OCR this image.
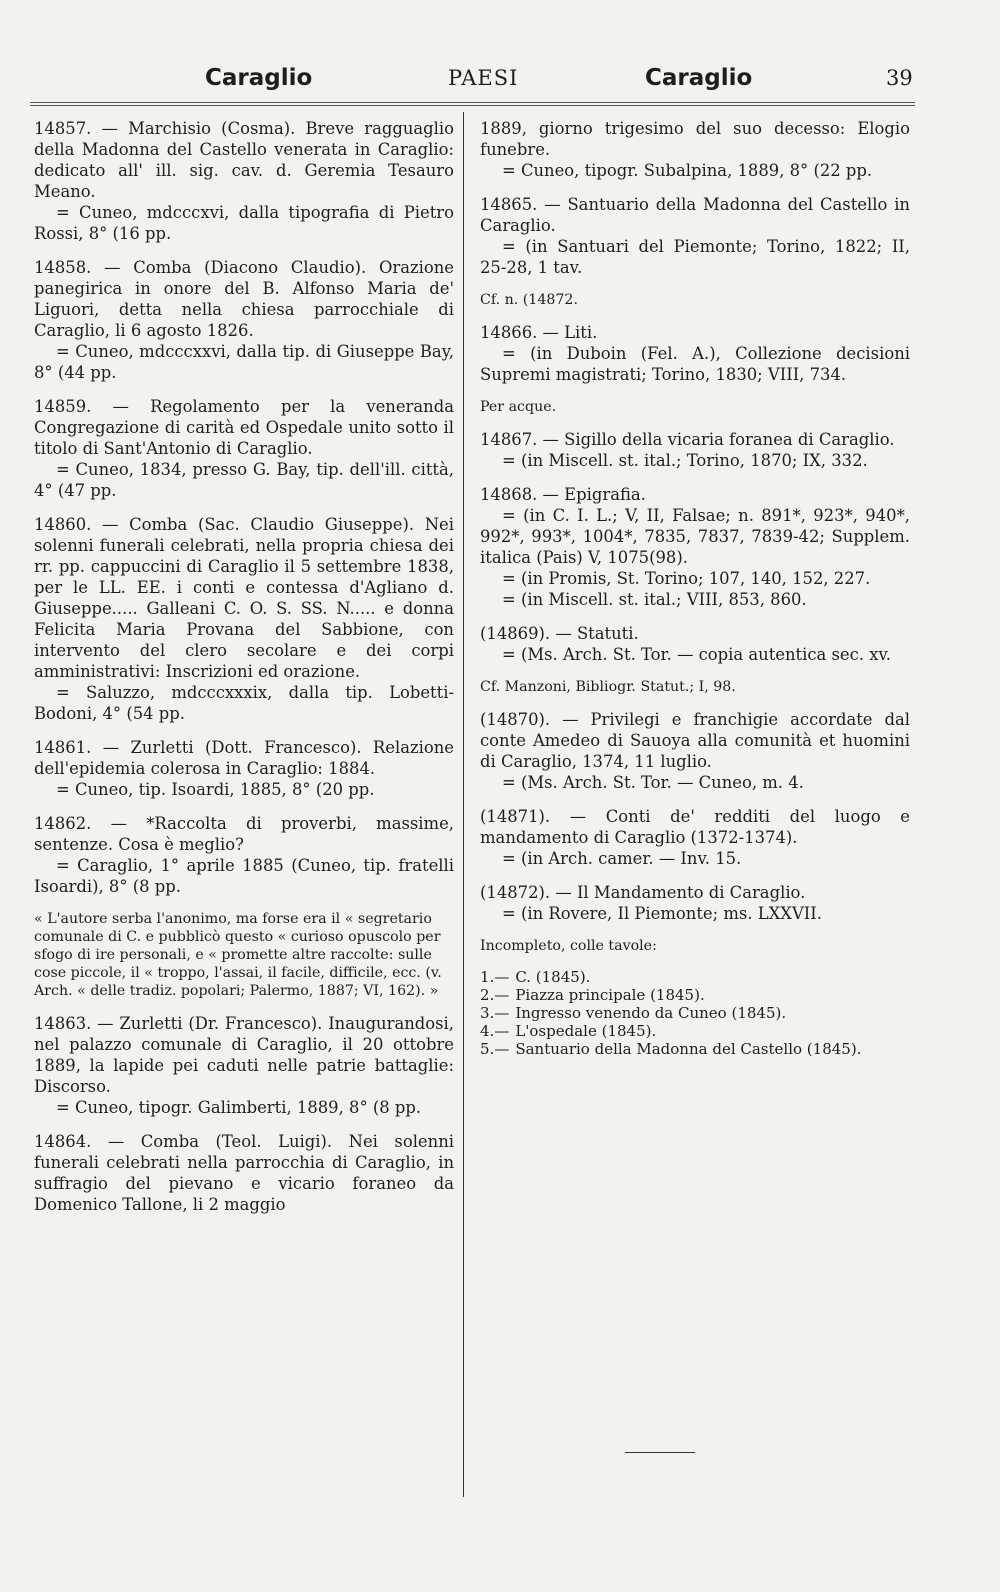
Caraglio	PAESI	Caraglio	39

14857. — Marchisio (Cosma). Breve ragguaglio della Madonna del Castello venerata in Caraglio: dedicato all' ill. sig. cav. d. Geremia Tesauro Meano.

= Cuneo, mdcccxvi, dalla tipografia di Pietro Rossi, 8° (16 pp.

14858. — Comba (Diacono Claudio). Orazione panegirica in onore del B. Alfonso Maria de' Liguori, detta nella chiesa parrocchiale di Caraglio, li 6 agosto 1826.

= Cuneo, mdcccxxvi, dalla tip. di Giuseppe Bay, 8° (44 pp.

14859. — Regolamento per la veneranda Congregazione di carità ed Ospedale unito sotto il titolo di Sant'Antonio di Caraglio.

= Cuneo, 1834, presso G. Bay, tip. dell'ill. città, 4° (47 pp.

14860. — Comba (Sac. Claudio Giuseppe). Nei solenni funerali celebrati, nella propria chiesa dei rr. pp. cappuccini di Caraglio il 5 settembre 1838, per le LL. EE. i conti e contessa d'Agliano d. Giuseppe..... Galleani C. O. S. SS. N..... e donna Felicita Maria Provana del Sabbione, con intervento del clero secolare e dei corpi amministrativi: Inscrizioni ed orazione.

= Saluzzo, mdcccxxxix, dalla tip. Lobetti-Bodoni, 4° (54 pp.

14861. — Zurletti (Dott. Francesco). Relazione dell'epidemia colerosa in Caraglio: 1884.

= Cuneo, tip. Isoardi, 1885, 8° (20 pp.

14862. — *Raccolta di proverbi, massime, sentenze. Cosa è meglio?

= Caraglio, 1° aprile 1885 (Cuneo, tip. fratelli Isoardi), 8° (8 pp.

« L'autore serba l'anonimo, ma forse era il « segretario comunale di C. e pubblicò questo « curioso opuscolo per sfogo di ire personali, e « promette altre raccolte: sulle cose piccole, il « troppo, l'assai, il facile, difficile, ecc. (v. Arch. « delle tradiz. popolari; Palermo, 1887; VI, 162). »

14863. — Zurletti (Dr. Francesco). Inaugurandosi, nel palazzo comunale di Caraglio, il 20 ottobre 1889, la lapide pei caduti nelle patrie battaglie: Discorso.

= Cuneo, tipogr. Galimberti, 1889, 8° (8 pp.

14864. — Comba (Teol. Luigi). Nei solenni funerali celebrati nella parrocchia di Caraglio, in suffragio del pievano e vicario foraneo da Domenico Tallone, li 2 maggio

1889, giorno trigesimo del suo decesso: Elogio funebre.

= Cuneo, tipogr. Subalpina, 1889, 8° (22 pp.

14865. — Santuario della Madonna del Castello in Caraglio.

= (in Santuari del Piemonte; Torino, 1822; II, 25-28, 1 tav.

Cf. n. (14872.

14866. — Liti.

= (in Duboin (Fel. A.), Collezione decisioni Supremi magistrati; Torino, 1830; VIII, 734.

Per acque.

14867. — Sigillo della vicaria foranea di Caraglio.

= (in Miscell. st. ital.; Torino, 1870; IX, 332.

14868. — Epigrafia.

= (in C. I. L.; V, II, Falsae; n. 891*, 923*, 940*, 992*, 993*, 1004*, 7835, 7837, 7839-42; Supplem. italica (Pais) V, 1075(98).

= (in Promis, St. Torino; 107, 140, 152, 227.

= (in Miscell. st. ital.; VIII, 853, 860.

(14869). — Statuti.

= (Ms. Arch. St. Tor. — copia autentica sec. xv.

Cf. Manzoni, Bibliogr. Statut.; I, 98.

(14870). — Privilegi e franchigie accordate dal conte Amedeo di Sauoya alla comunità et huomini di Caraglio, 1374, 11 luglio.

= (Ms. Arch. St. Tor. — Cuneo, m. 4.

(14871). — Conti de' redditi del luogo e mandamento di Caraglio (1372-1374).

= (in Arch. camer. — Inv. 15.

(14872). — Il Mandamento di Caraglio.

= (in Rovere, Il Piemonte; ms. LXXVII.

Incompleto, colle tavole:

1.— C. (1845).
2.— Piazza principale (1845).
3.— Ingresso venendo da Cuneo (1845).
4.— L'ospedale (1845).
5.— Santuario della Madonna del Castello (1845).
